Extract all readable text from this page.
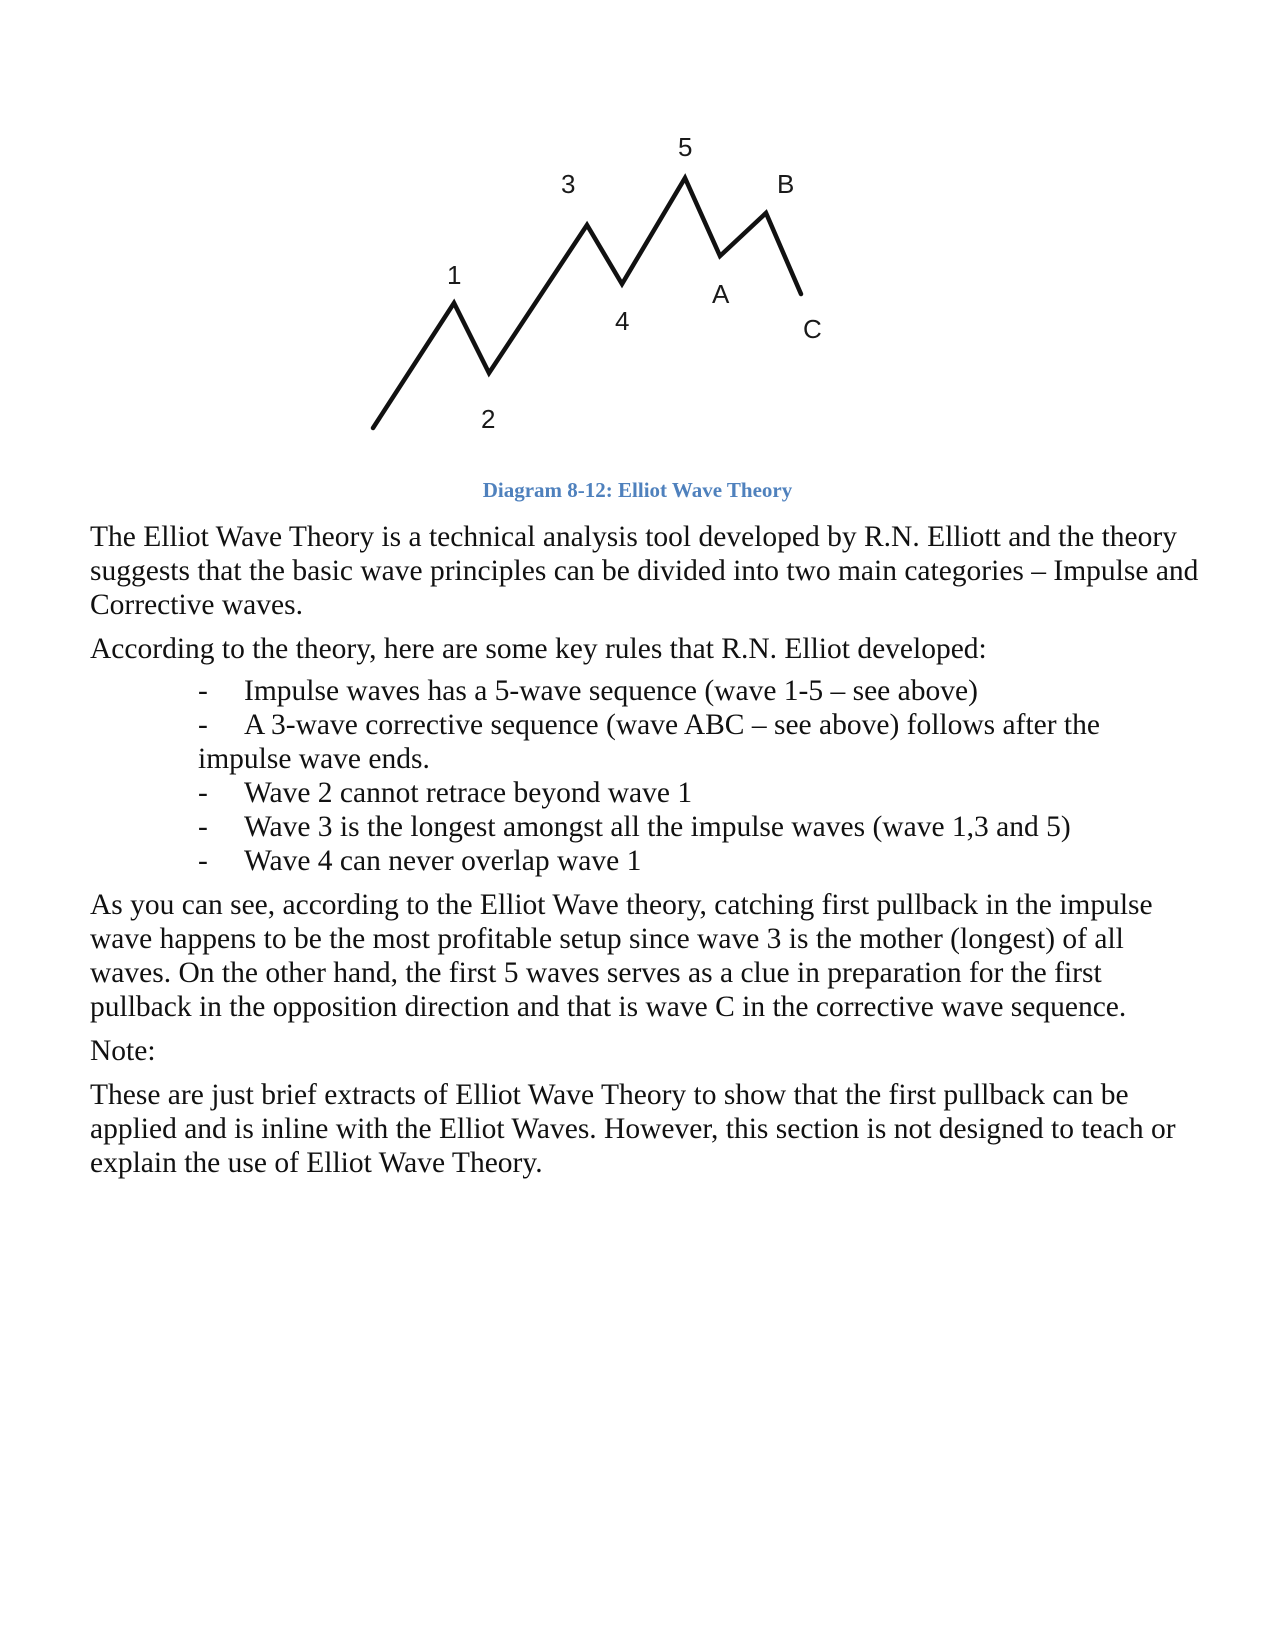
1
2
3
4
5
A
B
C
Diagram 8-12: Elliot Wave Theory

The Elliot Wave Theory is a technical analysis tool developed by R.N. Elliott and the theory suggests that the basic wave principles can be divided into two main categories – Impulse and Corrective waves.

According to the theory, here are some key rules that R.N. Elliot developed:

- Impulse waves has a 5-wave sequence (wave 1-5 – see above)
- A 3-wave corrective sequence (wave ABC – see above) follows after the impulse wave ends.
- Wave 2 cannot retrace beyond wave 1
- Wave 3 is the longest amongst all the impulse waves (wave 1,3 and 5)
- Wave 4 can never overlap wave 1

As you can see, according to the Elliot Wave theory, catching first pullback in the impulse wave happens to be the most profitable setup since wave 3 is the mother (longest) of all waves. On the other hand, the first 5 waves serves as a clue in preparation for the first pullback in the opposition direction and that is wave C in the corrective wave sequence.

Note:

These are just brief extracts of Elliot Wave Theory to show that the first pullback can be applied and is inline with the Elliot Waves. However, this section is not designed to teach or explain the use of Elliot Wave Theory.
